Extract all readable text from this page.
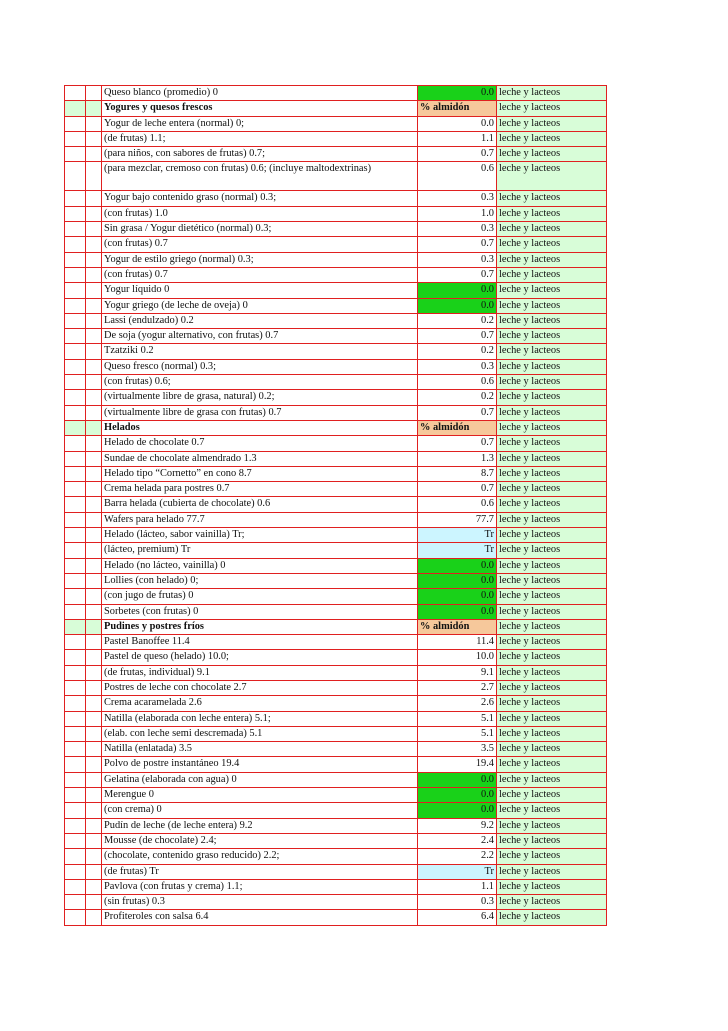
		Queso blanco (promedio) 0	0.0	leche y lacteos
		Yogures y quesos frescos	% almidón	leche y lacteos
		Yogur de leche entera (normal) 0;	0.0	leche y lacteos
		(de frutas) 1.1;	1.1	leche y lacteos
		(para niños, con sabores de frutas) 0.7;	0.7	leche y lacteos
		(para mezclar, cremoso con frutas) 0.6; (incluye maltodextrinas)	0.6	leche y lacteos
		Yogur bajo contenido graso (normal) 0.3;	0.3	leche y lacteos
		(con frutas) 1.0	1.0	leche y lacteos
		Sin grasa / Yogur dietético (normal) 0.3;	0.3	leche y lacteos
		(con frutas) 0.7	0.7	leche y lacteos
		Yogur de estilo griego (normal) 0.3;	0.3	leche y lacteos
		(con frutas) 0.7	0.7	leche y lacteos
		Yogur líquido 0	0.0	leche y lacteos
		Yogur griego (de leche de oveja) 0	0.0	leche y lacteos
		Lassi (endulzado) 0.2	0.2	leche y lacteos
		De soja (yogur alternativo, con frutas) 0.7	0.7	leche y lacteos
		Tzatziki 0.2	0.2	leche y lacteos
		Queso fresco (normal) 0.3;	0.3	leche y lacteos
		(con frutas) 0.6;	0.6	leche y lacteos
		(virtualmente libre de grasa, natural) 0.2;	0.2	leche y lacteos
		(virtualmente libre de grasa con frutas) 0.7	0.7	leche y lacteos
		Helados	% almidón	leche y lacteos
		Helado de chocolate 0.7	0.7	leche y lacteos
		Sundae de chocolate almendrado 1.3	1.3	leche y lacteos
		Helado tipo “Cornetto” en cono 8.7	8.7	leche y lacteos
		Crema helada para postres 0.7	0.7	leche y lacteos
		Barra helada (cubierta de chocolate) 0.6	0.6	leche y lacteos
		Wafers para helado 77.7	77.7	leche y lacteos
		Helado (lácteo, sabor vainilla) Tr;	Tr	leche y lacteos
		(lácteo, premium) Tr	Tr	leche y lacteos
		Helado (no lácteo, vainilla) 0	0.0	leche y lacteos
		Lollies (con helado) 0;	0.0	leche y lacteos
		(con jugo de frutas) 0	0.0	leche y lacteos
		Sorbetes (con frutas) 0	0.0	leche y lacteos
		Pudines y postres fríos	% almidón	leche y lacteos
		Pastel Banoffee 11.4	11.4	leche y lacteos
		Pastel de queso (helado) 10.0;	10.0	leche y lacteos
		(de frutas, individual) 9.1	9.1	leche y lacteos
		Postres de leche con chocolate 2.7	2.7	leche y lacteos
		Crema acaramelada 2.6	2.6	leche y lacteos
		Natilla (elaborada con leche entera) 5.1;	5.1	leche y lacteos
		(elab. con leche semi descremada) 5.1	5.1	leche y lacteos
		Natilla (enlatada) 3.5	3.5	leche y lacteos
		Polvo de postre instantáneo 19.4	19.4	leche y lacteos
		Gelatina (elaborada con agua) 0	0.0	leche y lacteos
		Merengue 0	0.0	leche y lacteos
		(con crema) 0	0.0	leche y lacteos
		Pudín de leche (de leche entera) 9.2	9.2	leche y lacteos
		Mousse (de chocolate) 2.4;	2.4	leche y lacteos
		(chocolate, contenido graso reducido) 2.2;	2.2	leche y lacteos
		(de frutas) Tr	Tr	leche y lacteos
		Pavlova (con frutas y crema) 1.1;	1.1	leche y lacteos
		(sin frutas) 0.3	0.3	leche y lacteos
		Profiteroles con salsa 6.4	6.4	leche y lacteos
